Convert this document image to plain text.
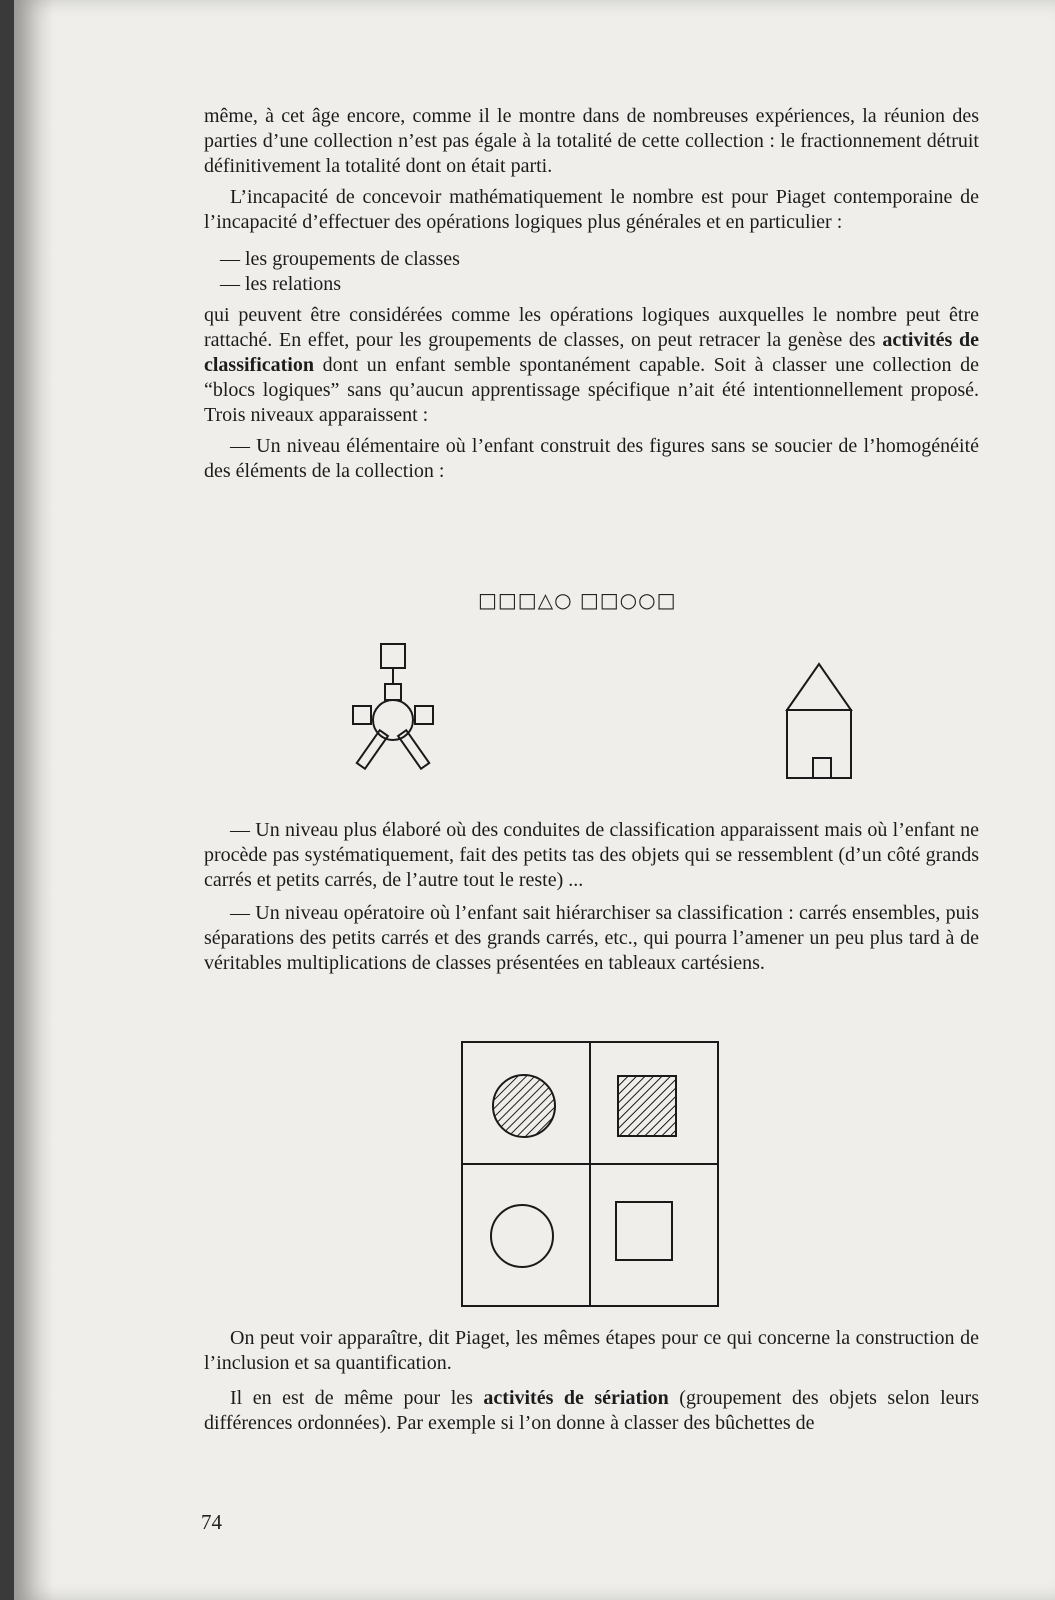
même, à cet âge encore, comme il le montre dans de nombreuses expériences, la réunion des parties d’une collection n’est pas égale à la totalité de cette collection : le fractionnement détruit définitivement la totalité dont on était parti.

L’incapacité de concevoir mathématiquement le nombre est pour Piaget contemporaine de l’incapacité d’effectuer des opérations logiques plus générales et en particulier :

— les groupements de classes

— les relations

qui peuvent être considérées comme les opérations logiques auxquelles le nombre peut être rattaché. En effet, pour les groupements de classes, on peut retracer la genèse des activités de classification dont un enfant semble spontanément capable. Soit à classer une collection de “blocs logiques” sans qu’aucun apprentissage spécifique n’ait été intentionnellement proposé. Trois niveaux apparaissent :

— Un niveau élémentaire où l’enfant construit des figures sans se soucier de l’homogénéité des éléments de la collection :

□□□△○ □□○○□

— Un niveau plus élaboré où des conduites de classification apparaissent mais où l’enfant ne procède pas systématiquement, fait des petits tas des objets qui se ressemblent (d’un côté grands carrés et petits carrés, de l’autre tout le reste) ...

— Un niveau opératoire où l’enfant sait hiérarchiser sa classification : carrés ensembles, puis séparations des petits carrés et des grands carrés, etc., qui pourra l’amener un peu plus tard à de véritables multiplications de classes présentées en tableaux cartésiens.

On peut voir apparaître, dit Piaget, les mêmes étapes pour ce qui concerne la construction de l’inclusion et sa quantification.

Il en est de même pour les activités de sériation (groupement des objets selon leurs différences ordonnées). Par exemple si l’on donne à classer des bûchettes de

74
